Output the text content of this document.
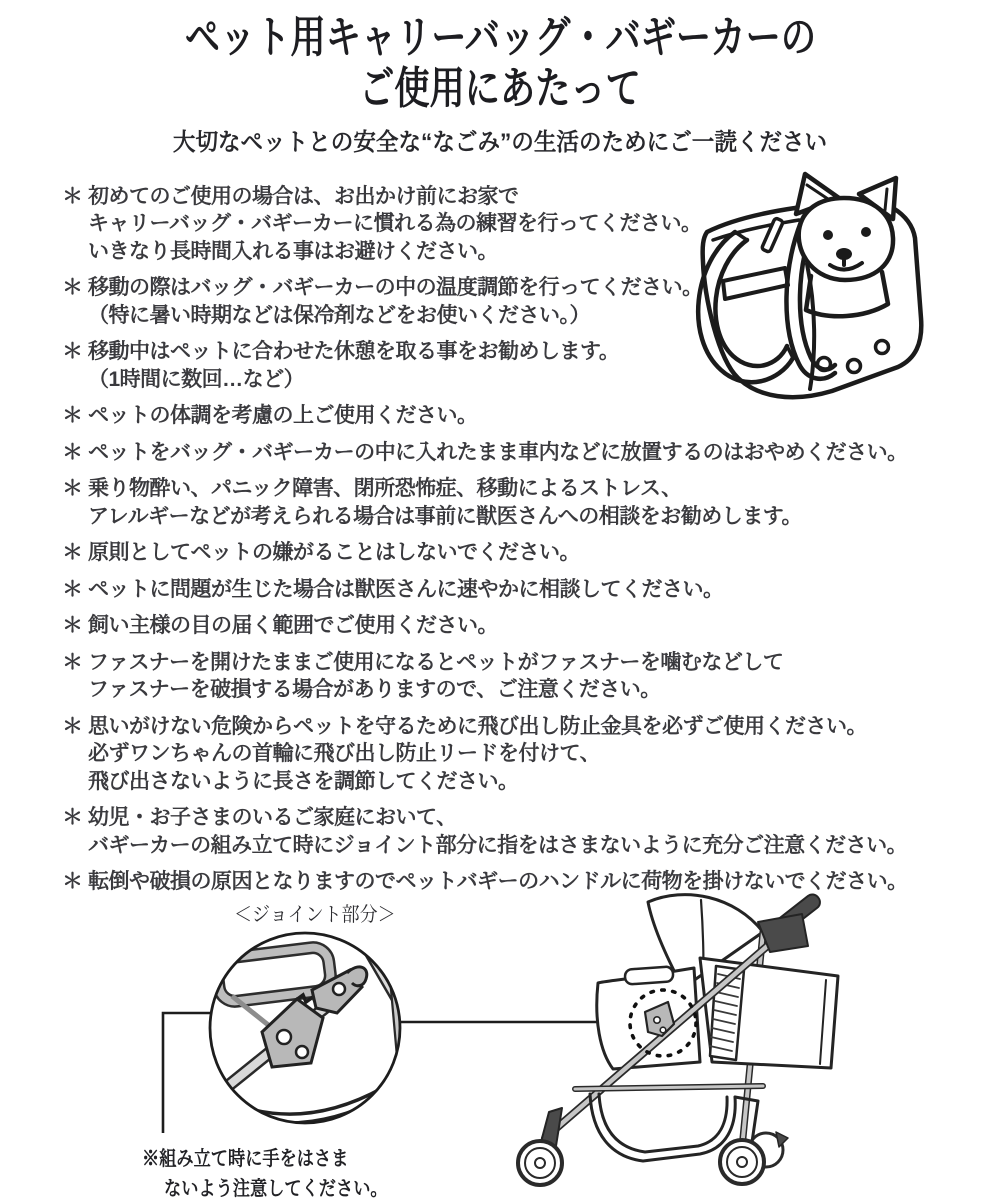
ペット用キャリーバッグ・バギーカーの
ご使用にあたって
大切なペットとの安全な“なごみ”の生活のためにご一読ください
＊ 初めてのご使用の場合は、お出かけ前にお家で
キャリーバッグ・バギーカーに慣れる為の練習を行ってください。
いきなり長時間入れる事はお避けください。
＊ 移動の際はバッグ・バギーカーの中の温度調節を行ってください。
（特に暑い時期などは保冷剤などをお使いください。）
＊ 移動中はペットに合わせた休憩を取る事をお勧めします。
（1時間に数回…など）
＊ ペットの体調を考慮の上ご使用ください。
＊ ペットをバッグ・バギーカーの中に入れたまま車内などに放置するのはおやめください。
＊ 乗り物酔い、パニック障害、閉所恐怖症、移動によるストレス、
アレルギーなどが考えられる場合は事前に獣医さんへの相談をお勧めします。
＊ 原則としてペットの嫌がることはしないでください。
＊ ペットに問題が生じた場合は獣医さんに速やかに相談してください。
＊ 飼い主様の目の届く範囲でご使用ください。
＊ ファスナーを開けたままご使用になるとペットがファスナーを噛むなどして
ファスナーを破損する場合がありますので、ご注意ください。
＊ 思いがけない危険からペットを守るために飛び出し防止金具を必ずご使用ください。
必ずワンちゃんの首輪に飛び出し防止リードを付けて、
飛び出さないように長さを調節してください。
＊ 幼児・お子さまのいるご家庭において、
バギーカーの組み立て時にジョイント部分に指をはさまないように充分ご注意ください。
＊ 転倒や破損の原因となりますのでペットバギーのハンドルに荷物を掛けないでください。
＜ジョイント部分＞
※組み立て時に手をはさま
ないよう注意してください。
